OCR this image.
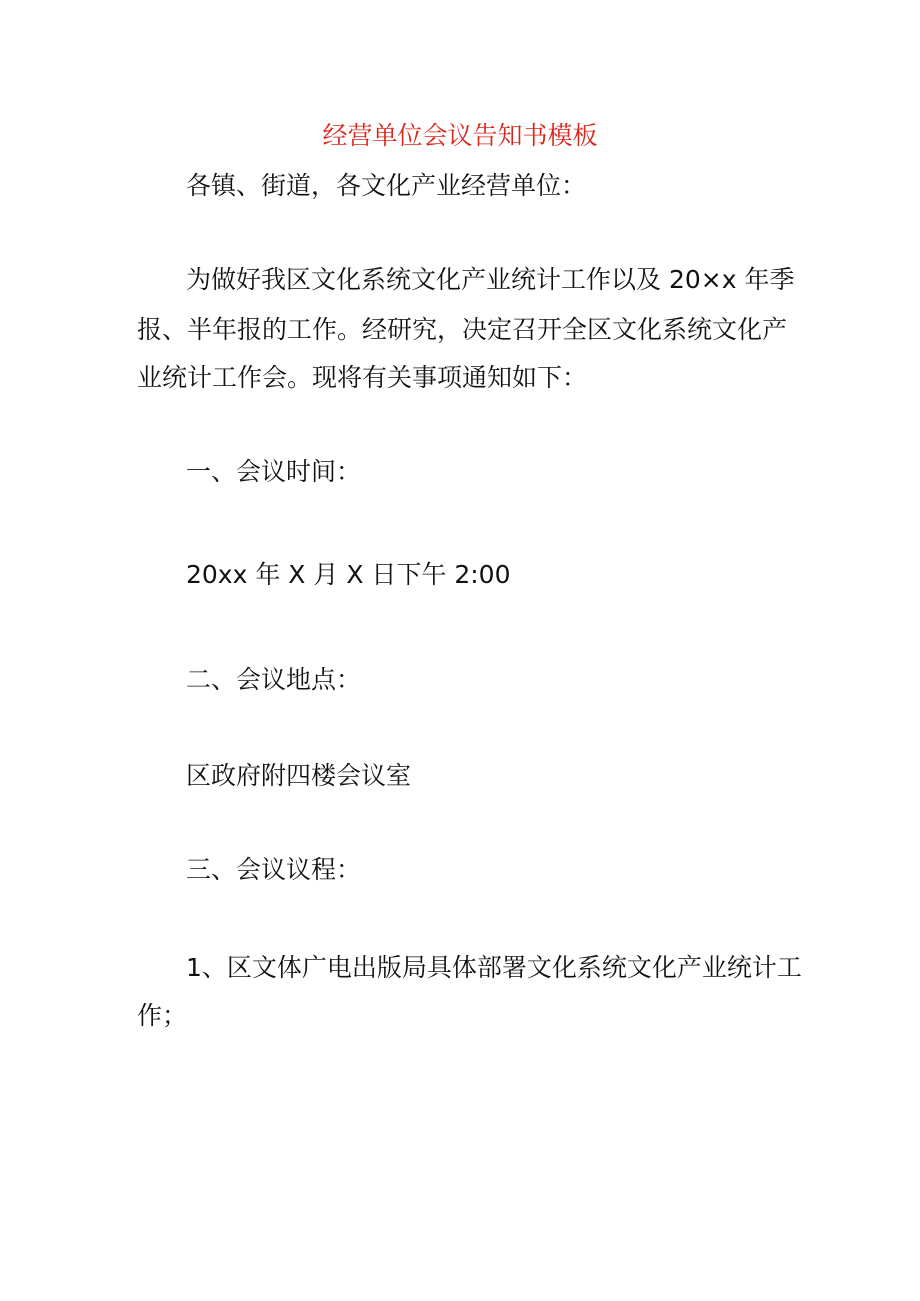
经营单位会议告知书模板
各镇、街道，各文化产业经营单位：
为做好我区文化系统文化产业统计工作以及 20×x 年季
报、半年报的工作。经研究，决定召开全区文化系统文化产
业统计工作会。现将有关事项通知如下：
一、会议时间：
20xx 年 X 月 X 日下午 2:00
二、会议地点：
区政府附四楼会议室
三、会议议程：
1、区文体广电出版局具体部署文化系统文化产业统计工
作；
